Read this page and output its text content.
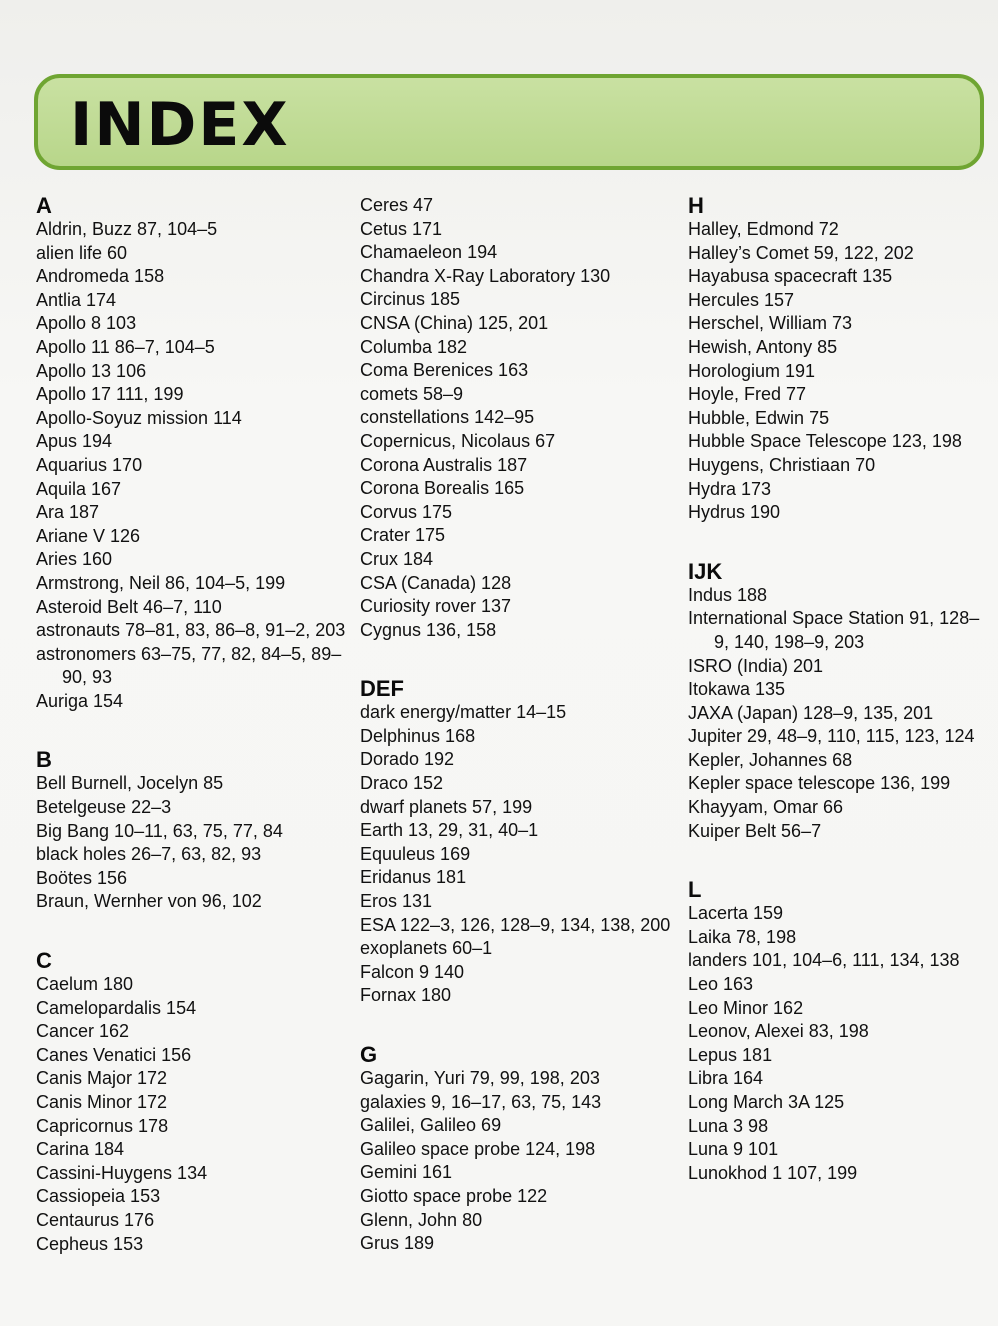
INDEX
A
Aldrin, Buzz 87, 104–5
alien life 60
Andromeda 158
Antlia 174
Apollo 8 103
Apollo 11 86–7, 104–5
Apollo 13 106
Apollo 17 111, 199
Apollo-Soyuz mission 114
Apus 194
Aquarius 170
Aquila 167
Ara 187
Ariane V 126
Aries 160
Armstrong, Neil 86, 104–5, 199
Asteroid Belt 46–7, 110
astronauts 78–81, 83, 86–8, 91–2, 203
astronomers 63–75, 77, 82, 84–5, 89–90, 93
Auriga 154
B
Bell Burnell, Jocelyn 85
Betelgeuse 22–3
Big Bang 10–11, 63, 75, 77, 84
black holes 26–7, 63, 82, 93
Boötes 156
Braun, Wernher von 96, 102
C
Caelum 180
Camelopardalis 154
Cancer 162
Canes Venatici 156
Canis Major 172
Canis Minor 172
Capricornus 178
Carina 184
Cassini-Huygens 134
Cassiopeia 153
Centaurus 176
Cepheus 153
Ceres 47
Cetus 171
Chamaeleon 194
Chandra X-Ray Laboratory 130
Circinus 185
CNSA (China) 125, 201
Columba 182
Coma Berenices 163
comets 58–9
constellations 142–95
Copernicus, Nicolaus 67
Corona Australis 187
Corona Borealis 165
Corvus 175
Crater 175
Crux 184
CSA (Canada) 128
Curiosity rover 137
Cygnus 136, 158
DEF
dark energy/matter 14–15
Delphinus 168
Dorado 192
Draco 152
dwarf planets 57, 199
Earth 13, 29, 31, 40–1
Equuleus 169
Eridanus 181
Eros 131
ESA 122–3, 126, 128–9, 134, 138, 200
exoplanets 60–1
Falcon 9 140
Fornax 180
G
Gagarin, Yuri 79, 99, 198, 203
galaxies 9, 16–17, 63, 75, 143
Galilei, Galileo 69
Galileo space probe 124, 198
Gemini 161
Giotto space probe 122
Glenn, John 80
Grus 189
H
Halley, Edmond 72
Halley’s Comet 59, 122, 202
Hayabusa spacecraft 135
Hercules 157
Herschel, William 73
Hewish, Antony 85
Horologium 191
Hoyle, Fred 77
Hubble, Edwin 75
Hubble Space Telescope 123, 198
Huygens, Christiaan 70
Hydra 173
Hydrus 190
IJK
Indus 188
International Space Station 91, 128–9, 140, 198–9, 203
ISRO (India) 201
Itokawa 135
JAXA (Japan) 128–9, 135, 201
Jupiter 29, 48–9, 110, 115, 123, 124
Kepler, Johannes 68
Kepler space telescope 136, 199
Khayyam, Omar 66
Kuiper Belt 56–7
L
Lacerta 159
Laika 78, 198
landers 101, 104–6, 111, 134, 138
Leo 163
Leo Minor 162
Leonov, Alexei 83, 198
Lepus 181
Libra 164
Long March 3A 125
Luna 3 98
Luna 9 101
Lunokhod 1 107, 199
